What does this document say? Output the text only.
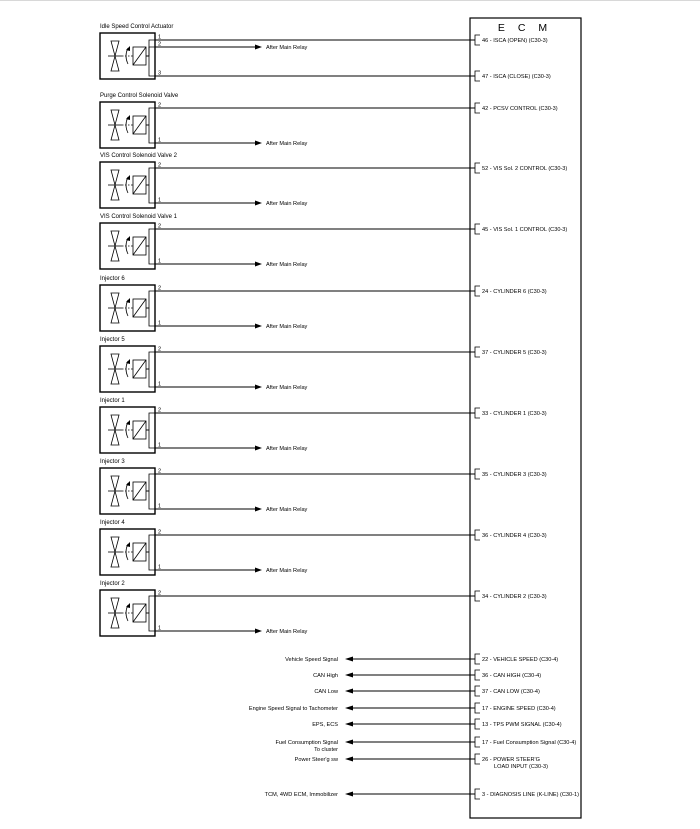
E C M
Idle Speed Control Actuator
1
46 - ISCA (OPEN) (C30-3)
2
After Main Relay
3
47 - ISCA (CLOSE) (C30-3)
Purge Control Solenoid Valve
2
42 - PCSV CONTROL (C30-3)
1
After Main Relay
VIS Control Solenoid Valve 2
2
52 - VIS Sol. 2 CONTROL (C30-3)
1
After Main Relay
VIS Control Solenoid Valve 1
2
45 - VIS Sol. 1 CONTROL (C30-3)
1
After Main Relay
Injector 6
2
24 - CYLINDER 6 (C30-3)
1
After Main Relay
Injector 5
2
37 - CYLINDER 5 (C30-3)
1
After Main Relay
Injector 1
2
33 - CYLINDER 1 (C30-3)
1
After Main Relay
Injector 3
2
35 - CYLINDER 3 (C30-3)
1
After Main Relay
Injector 4
2
36 - CYLINDER 4 (C30-3)
1
After Main Relay
Injector 2
2
34 - CYLINDER 2 (C30-3)
1
After Main Relay
Vehicle Speed Signal	22 - VEHICLE SPEED (C30-4)
CAN High	36 - CAN HIGH (C30-4)
CAN Low	37 - CAN LOW (C30-4)
Engine Speed Signal to Tachometer	17 - ENGINE SPEED (C30-4)
EPS, ECS	13 - TPS PWM SIGNAL (C30-4)
Fuel Consumption Signal
To cluster
17 - Fuel Consumption Signal (C30-4)
Power Steer'g sw	26 - POWER STEER'G
LOAD INPUT (C30-3)
TCM, 4WD ECM, Immobilizer	3 - DIAGNOSIS LINE (K-LINE) (C30-1)
